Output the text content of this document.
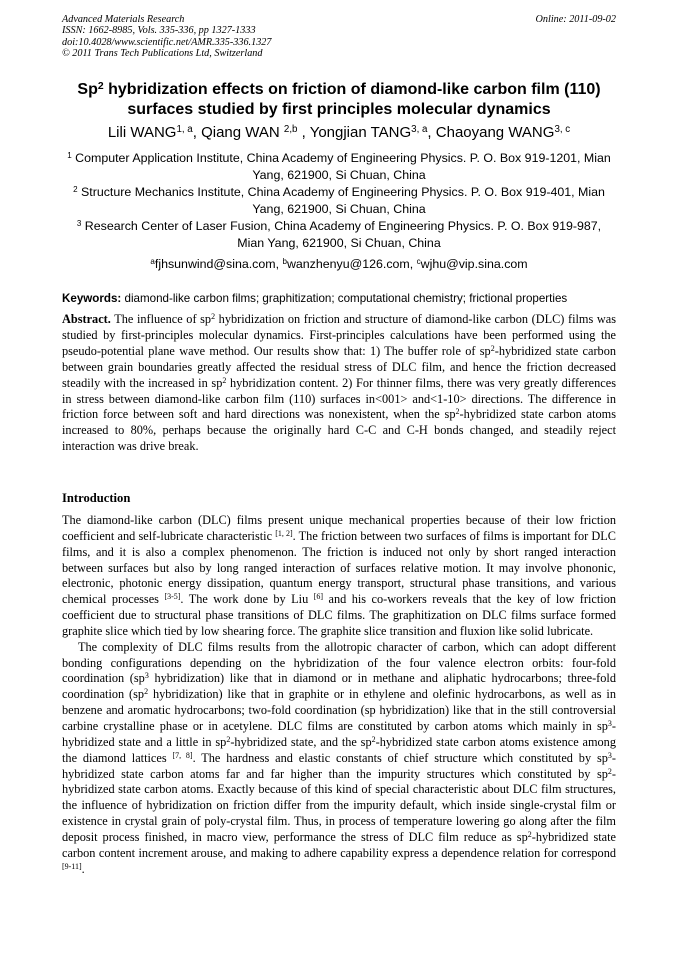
Advanced Materials Research
ISSN: 1662-8985, Vols. 335-336, pp 1327-1333
doi:10.4028/www.scientific.net/AMR.335-336.1327
© 2011 Trans Tech Publications Ltd, Switzerland
Online: 2011-09-02
Sp$^2$ hybridization effects on friction of diamond-like carbon film (110) surfaces studied by first principles molecular dynamics
Lili WANG$^{1, a}$, Qiang WAN $^{2,b}$ , Yongjian TANG$^{3, a}$, Chaoyang WANG$^{3, c}$
$^1$ Computer Application Institute, China Academy of Engineering Physics. P. O. Box 919-1201, Mian Yang, 621900, Si Chuan, China
$^2$ Structure Mechanics Institute, China Academy of Engineering Physics. P. O. Box 919-401, Mian Yang, 621900, Si Chuan, China
$^3$ Research Center of Laser Fusion, China Academy of Engineering Physics. P. O. Box 919-987, Mian Yang, 621900, Si Chuan, China
$^a$fjhsunwind@sina.com, $^b$wanzhenyu@126.com, $^c$wjhu@vip.sina.com
Keywords: diamond-like carbon films; graphitization; computational chemistry; frictional properties
Abstract. The influence of $sp^2$ hybridization on friction and structure of diamond-like carbon (DLC) films was studied by first-principles molecular dynamics. First-principles calculations have been performed using the pseudo-potential plane wave method. Our results show that: 1) The buffer role of $sp^2$-hybridized state carbon between grain boundaries greatly affected the residual stress of DLC film, and hence the friction decreased steadily with the increased in $sp^2$ hybridization content. 2) For thinner films, there was very greatly differences in stress between diamond-like carbon film (110) surfaces in<001> and<1-10> directions. The difference in friction force between soft and hard directions was nonexistent, when the $sp^2$-hybridized state carbon atoms increased to 80%, perhaps because the originally hard C-C and C-H bonds changed, and steadily reject interaction was drive break.
Introduction

The diamond-like carbon (DLC) films present unique mechanical properties because of their low friction coefficient and self-lubricate characteristic [1, 2]. The friction between two surfaces of films is important for DLC films, and it is also a complex phenomenon. The friction is induced not only by short ranged interaction between surfaces but also by long ranged interaction of surfaces relative motion. It may involve phononic, electronic, photonic energy dissipation, quantum energy transport, structural phase transitions, and various chemical processes [3-5]. The work done by Liu [6] and his co-workers reveals that the key of low friction coefficient due to structural phase transitions of DLC films. The graphitization on DLC films surface formed graphite slice which tied by low shearing force. The graphite slice transition and fluxion like solid lubricate.

The complexity of DLC films results from the allotropic character of carbon, which can adopt different bonding configurations depending on the hybridization of the four valence electron orbits: four-fold coordination ($sp^3$ hybridization) like that in diamond or in methane and aliphatic hydrocarbons; three-fold coordination ($sp^2$ hybridization) like that in graphite or in ethylene and olefinic hydrocarbons, as well as in benzene and aromatic hydrocarbons; two-fold coordination (sp hybridization) like that in the still controversial carbine crystalline phase or in acetylene. DLC films are constituted by carbon atoms which mainly in $sp^3$-hybridized state and a little in $sp^2$-hybridized state, and the $sp^2$-hybridized state carbon atoms existence among the diamond lattices [7, 8]. The hardness and elastic constants of chief structure which constituted by $sp^3$-hybridized state carbon atoms far and far higher than the impurity structures which constituted by $sp^2$-hybridized state carbon atoms. Exactly because of this kind of special characteristic about DLC film structures, the influence of hybridization on friction differ from the impurity default, which inside single-crystal film or existence in crystal grain of poly-crystal film. Thus, in process of temperature lowering go along after the film deposit process finished, in macro view, performance the stress of DLC film reduce as $sp^2$-hybridized state carbon content increment arouse, and making to adhere capability express a dependence relation for correspond [9-11].
